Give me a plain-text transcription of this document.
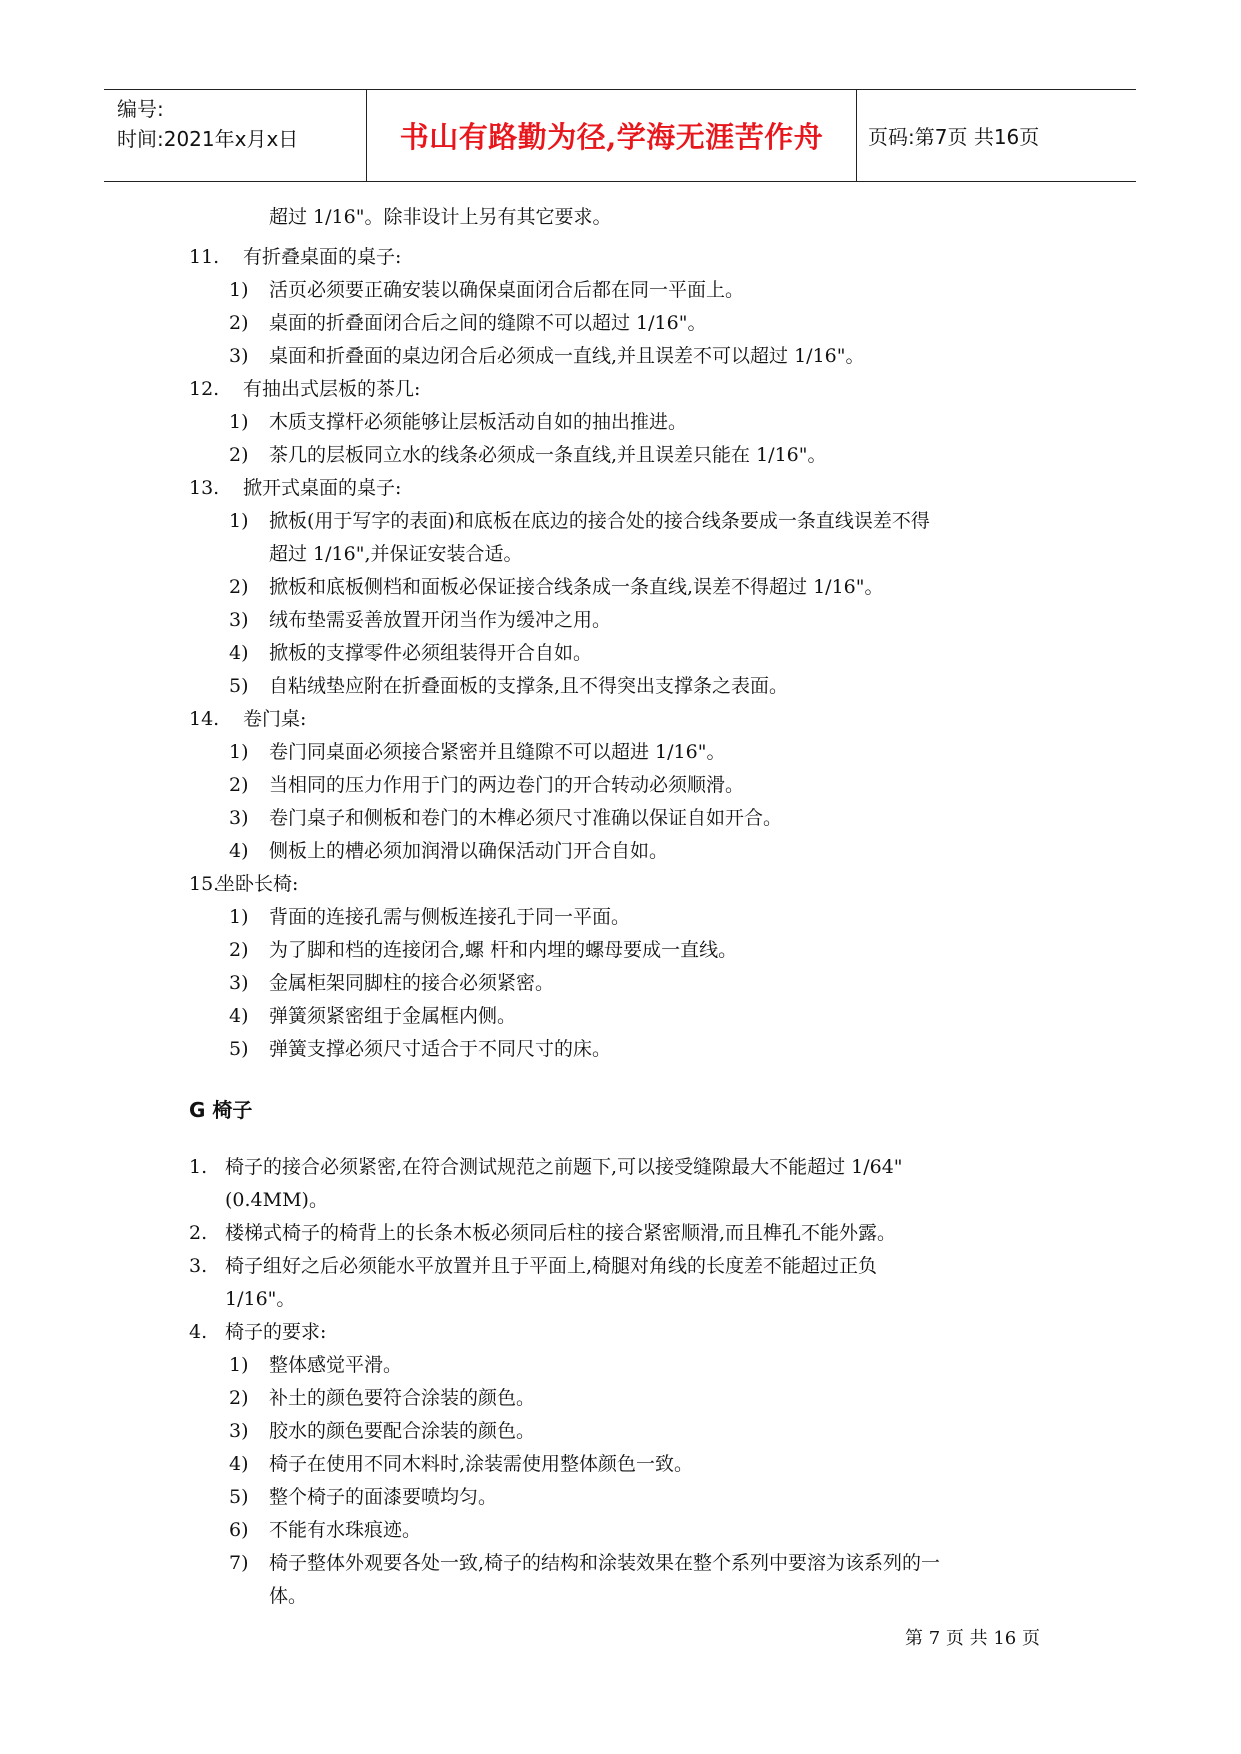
编号:
时间:2021年x月x日	书山有路勤为径,学海无涯苦作舟 页码:第7页 共16页
超过 1/16"。除非设计上另有其它要求。
11. 有折叠桌面的桌子:
1) 活页必须要正确安装以确保桌面闭合后都在同一平面上。
2) 桌面的折叠面闭合后之间的缝隙不可以超过 1/16"。
3) 桌面和折叠面的桌边闭合后必须成一直线,并且误差不可以超过 1/16"。
12. 有抽出式层板的茶几:
1) 木质支撑杆必须能够让层板活动自如的抽出推进。
2) 茶几的层板同立水的线条必须成一条直线,并且误差只能在 1/16"。
13. 掀开式桌面的桌子:
1) 掀板(用于写字的表面)和底板在底边的接合处的接合线条要成一条直线误差不得
超过 1/16",并保证安装合适。
2) 掀板和底板侧档和面板必保证接合线条成一条直线,误差不得超过 1/16"。
3) 绒布垫需妥善放置开闭当作为缓冲之用。
4) 掀板的支撑零件必须组装得开合自如。
5) 自粘绒垫应附在折叠面板的支撑条,且不得突出支撑条之表面。
14. 卷门桌:
1) 卷门同桌面必须接合紧密并且缝隙不可以超进 1/16"。
2) 当相同的压力作用于门的两边卷门的开合转动必须顺滑。
3) 卷门桌子和侧板和卷门的木榫必须尺寸准确以保证自如开合。
4) 侧板上的槽必须加润滑以确保活动门开合自如。
15.
坐卧长椅:
1) 背面的连接孔需与侧板连接孔于同一平面。
2) 为了脚和档的连接闭合,螺 杆和内埋的螺母要成一直线。
3) 金属柜架同脚柱的接合必须紧密。
4) 弹簧须紧密组于金属框内侧。
5) 弹簧支撑必须尺寸适合于不同尺寸的床。
1. 椅子的接合必须紧密,在符合测试规范之前题下,可以接受缝隙最大不能超过 1/64"
(0.4MM)。
2. 楼梯式椅子的椅背上的长条木板必须同后柱的接合紧密顺滑,而且榫孔不能外露。
3. 椅子组好之后必须能水平放置并且于平面上,椅腿对角线的长度差不能超过正负
1/16"。
4. 椅子的要求:
1) 整体感觉平滑。
2) 补土的颜色要符合涂装的颜色。
3) 胶水的颜色要配合涂装的颜色。
4) 椅子在使用不同木料时,涂装需使用整体颜色一致。
5) 整个椅子的面漆要喷均匀。
6) 不能有水珠痕迹。
7) 椅子整体外观要各处一致,椅子的结构和涂装效果在整个系列中要溶为该系列的一
体。
G 椅子
第 7 页 共 16 页
